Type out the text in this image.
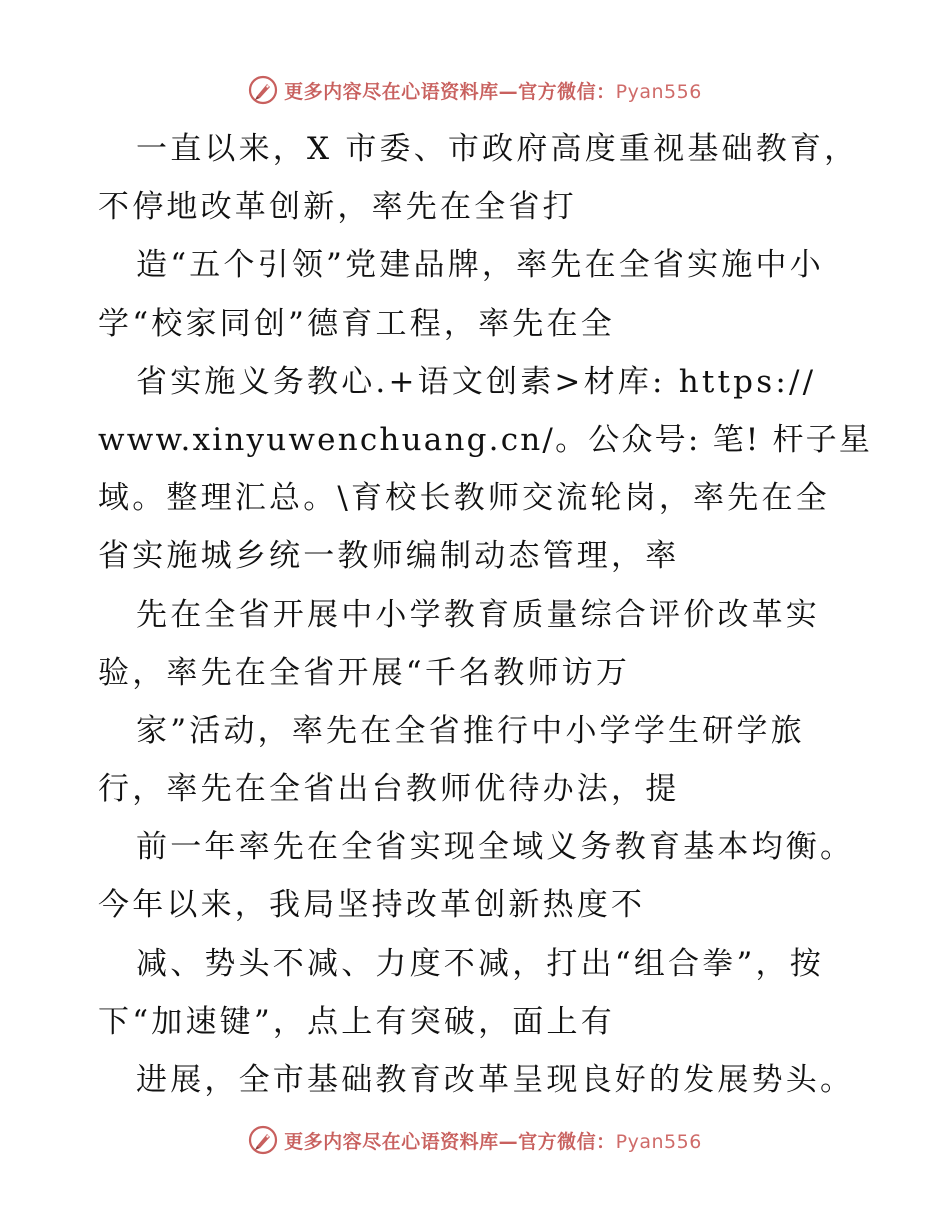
更多内容尽在心语资料库—官方微信：Pyan556
一直以来，X 市委、市政府高度重视基础教育，
不停地改革创新，率先在全省打
造“五个引领”党建品牌，率先在全省实施中小
学“校家同创”德育工程，率先在全
省实施义务教心.+语文创素>材库: https://
www.xinyuwenchuang.cn/。公众号: 笔! 杆子星
域。整理汇总。\育校长教师交流轮岗，率先在全
省实施城乡统一教师编制动态管理，率
先在全省开展中小学教育质量综合评价改革实
验，率先在全省开展“千名教师访万
家”活动，率先在全省推行中小学学生研学旅
行，率先在全省出台教师优待办法，提
前一年率先在全省实现全域义务教育基本均衡。
今年以来，我局坚持改革创新热度不
减、势头不减、力度不减，打出“组合拳”，按
下“加速键”，点上有突破，面上有
进展，全市基础教育改革呈现良好的发展势头。
更多内容尽在心语资料库—官方微信：Pyan556
